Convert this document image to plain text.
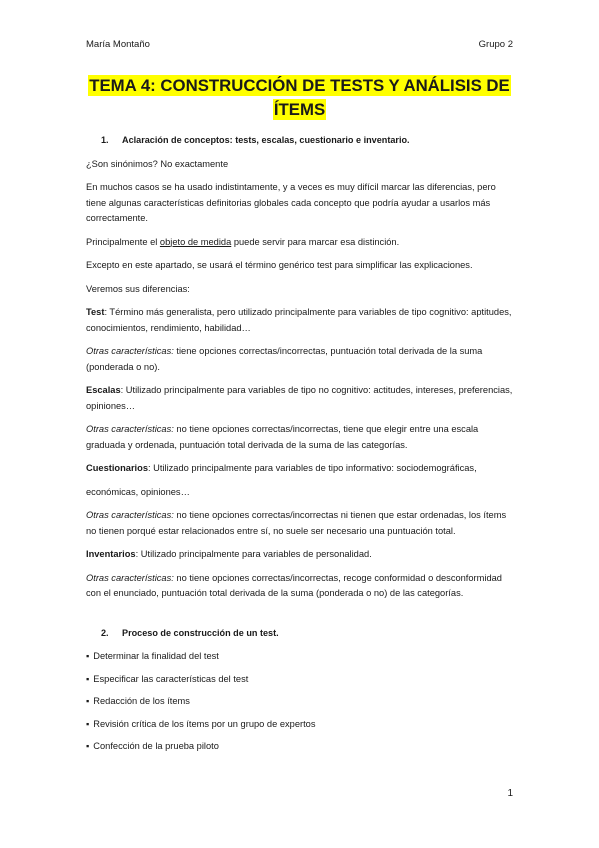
María Montaño	Grupo 2
TEMA 4: CONSTRUCCIÓN DE TESTS Y ANÁLISIS DE
ÍTEMS
1. Aclaración de conceptos: tests, escalas, cuestionario e inventario.

¿Son sinónimos? No exactamente

En muchos casos se ha usado indistintamente, y a veces es muy difícil marcar las diferencias, pero tiene algunas características definitorias globales cada concepto que podría ayudar a usarlos más correctamente.

Principalmente el objeto de medida puede servir para marcar esa distinción.

Excepto en este apartado, se usará el término genérico test para simplificar las explicaciones.

Veremos sus diferencias:

Test: Término más generalista, pero utilizado principalmente para variables de tipo cognitivo: aptitudes, conocimientos, rendimiento, habilidad…

Otras características: tiene opciones correctas/incorrectas, puntuación total derivada de la suma (ponderada o no).

Escalas: Utilizado principalmente para variables de tipo no cognitivo: actitudes, intereses, preferencias, opiniones…

Otras características: no tiene opciones correctas/incorrectas, tiene que elegir entre una escala graduada y ordenada, puntuación total derivada de la suma de las categorías.

Cuestionarios: Utilizado principalmente para variables de tipo informativo: sociodemográficas,

económicas, opiniones…

Otras características: no tiene opciones correctas/incorrectas ni tienen que estar ordenadas, los ítems no tienen porqué estar relacionados entre sí, no suele ser necesario una puntuación total.

Inventarios: Utilizado principalmente para variables de personalidad.

Otras características: no tiene opciones correctas/incorrectas, recoge conformidad o desconformidad con el enunciado, puntuación total derivada de la suma (ponderada o no) de las categorías.

2. Proceso de construcción de un test.
▪ Determinar la finalidad del test
▪ Especificar las características del test
▪ Redacción de los ítems
▪ Revisión crítica de los ítems por un grupo de expertos
▪ Confección de la prueba piloto
1
